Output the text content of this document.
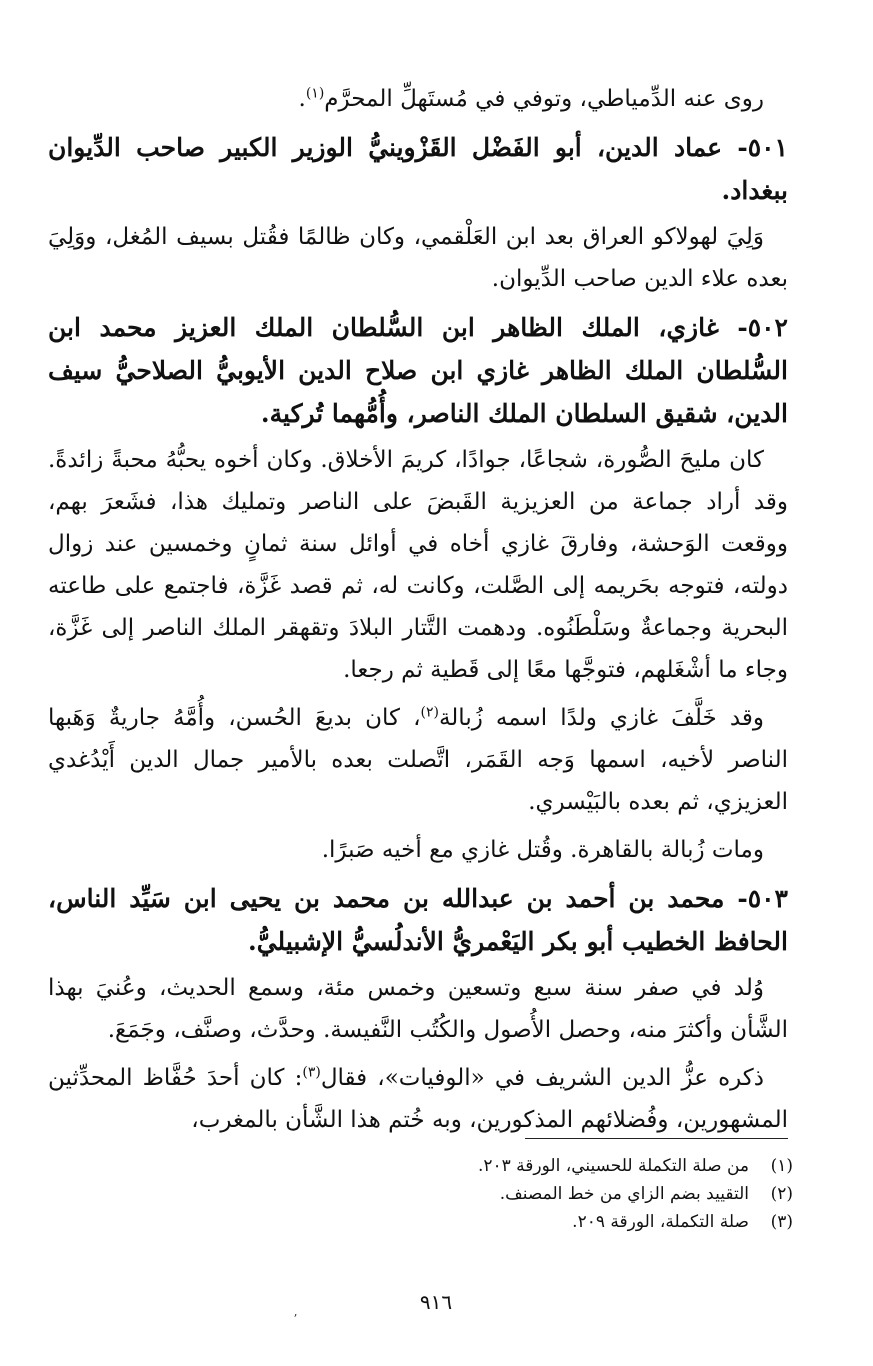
روى عنه الدِّمياطي، وتوفي في مُستَهلِّ المحرَّم$^{(١)}$.

٥٠١- عماد الدين، أبو الفَضْل القَزْوينيُّ الوزير الكبير صاحب الدِّيوان ببغداد.

وَلِيَ لهولاكو العراق بعد ابن العَلْقمي، وكان ظالمًا فقُتل بسيف المُغل، ووَلِيَ بعده علاء الدين صاحب الدِّيوان.

٥٠٢- غازي، الملك الظاهر ابن السُّلطان الملك العزيز محمد ابن السُّلطان الملك الظاهر غازي ابن صلاح الدين الأيوبيُّ الصلاحيُّ سيف الدين، شقيق السلطان الملك الناصر، وأُمُّهما تُركية.

كان مليحَ الصُّورة، شجاعًا، جوادًا، كريمَ الأخلاق. وكان أخوه يحبُّهُ محبةً زائدةً. وقد أراد جماعة من العزيزية القَبضَ على الناصر وتمليك هذا، فشَعرَ بهم، ووقعت الوَحشة، وفارقَ غازي أخاه في أوائل سنة ثمانٍ وخمسين عند زوال دولته، فتوجه بحَريمه إلى الصَّلت، وكانت له، ثم قصد غَزَّة، فاجتمع على طاعته البحرية وجماعةٌ وسَلْطَنُوه. ودهمت التَّتار البلادَ وتقهقر الملك الناصر إلى غَزَّة، وجاء ما أشْغَلهم، فتوجَّها معًا إلى قَطية ثم رجعا.

وقد خَلَّفَ غازي ولدًا اسمه زُبالة$^{(٢)}$، كان بديعَ الحُسن، وأُمَّهُ جاريةٌ وَهَبها الناصر لأخيه، اسمها وَجه القَمَر، اتَّصلت بعده بالأمير جمال الدين أَيْدُغدي العزيزي، ثم بعده بالبَيْسري.

ومات زُبالة بالقاهرة. وقُتل غازي مع أخيه صَبرًا.

٥٠٣- محمد بن أحمد بن عبدالله بن محمد بن يحيى ابن سَيِّد الناس، الحافظ الخطيب أبو بكر اليَعْمريُّ الأندلُسيُّ الإشبيليُّ.

وُلد في صفر سنة سبع وتسعين وخمس مئة، وسمع الحديث، وعُنيَ بهذا الشَّأن وأكثرَ منه، وحصل الأُصول والكُتُب النَّفيسة. وحدَّث، وصنَّف، وجَمَعَ.

ذكره عزُّ الدين الشريف في «الوفيات»، فقال$^{(٣)}$: كان أحدَ حُفَّاظ المحدِّثين المشهورين، وفُضلائهم المذكورين، وبه خُتم هذا الشَّأن بالمغرب،

(١)من صلة التكملة للحسيني، الورقة ٢٠٣.

(٢)التقييد بضم الزاي من خط المصنف.

(٣)صلة التكملة، الورقة ٢٠٩.

٩١٦
ʼ
